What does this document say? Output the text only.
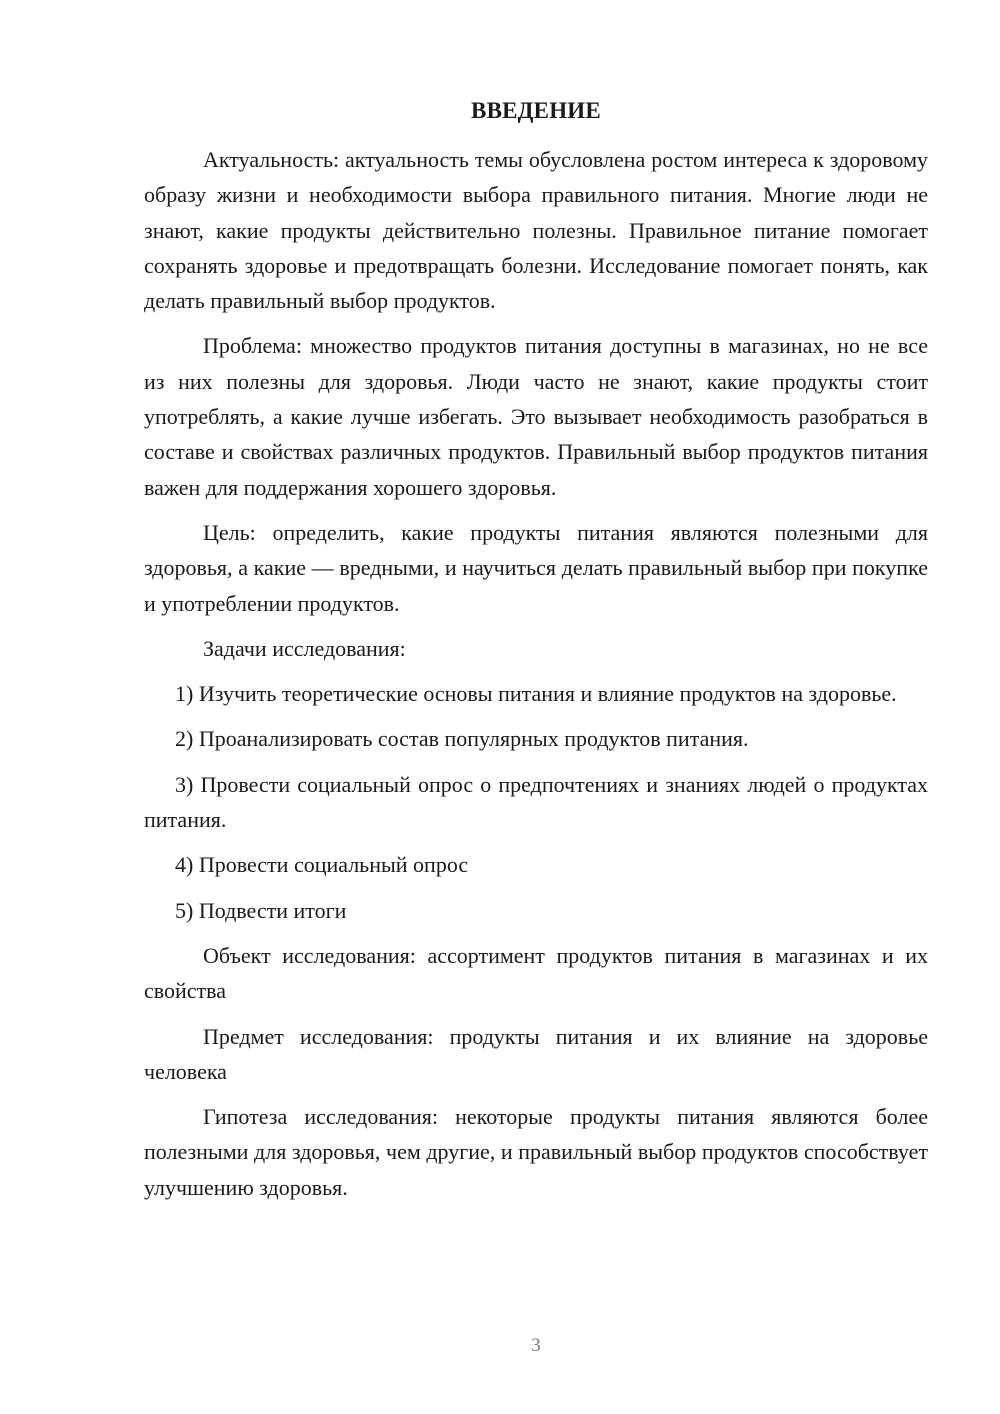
ВВЕДЕНИЕ

Актуальность: актуальность темы обусловлена ростом интереса к здоровому образу жизни и необходимости выбора правильного питания. Многие люди не знают, какие продукты действительно полезны. Правильное питание помогает сохранять здоровье и предотвращать болезни. Исследование помогает понять, как делать правильный выбор продуктов.

Проблема: множество продуктов питания доступны в магазинах, но не все из них полезны для здоровья. Люди часто не знают, какие продукты стоит употреблять, а какие лучше избегать. Это вызывает необходимость разобраться в составе и свойствах различных продуктов. Правильный выбор продуктов питания важен для поддержания хорошего здоровья.

Цель: определить, какие продукты питания являются полезными для здоровья, а какие — вредными, и научиться делать правильный выбор при покупке и употреблении продуктов.

Задачи исследования:

1) Изучить теоретические основы питания и влияние продуктов на здоровье.

2) Проанализировать состав популярных продуктов питания.

3) Провести социальный опрос о предпочтениях и знаниях людей о продуктах питания.

4) Провести социальный опрос

5) Подвести итоги

Объект исследования: ассортимент продуктов питания в магазинах и их свойства

Предмет исследования: продукты питания и их влияние на здоровье человека

Гипотеза исследования: некоторые продукты питания являются более полезными для здоровья, чем другие, и правильный выбор продуктов способствует улучшению здоровья.

3
